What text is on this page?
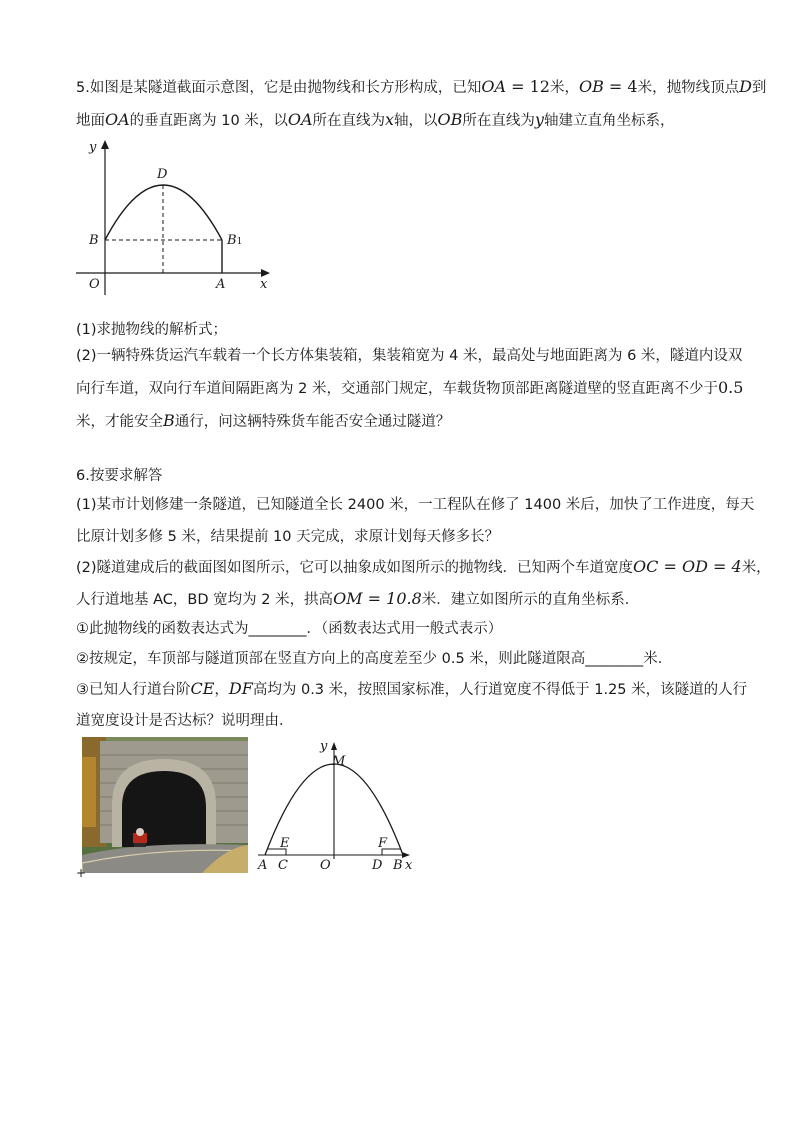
5.如图是某隧道截面示意图，它是由抛物线和长方形构成，已知OA = 12米，OB = 4米，抛物线顶点D到
地面OA的垂直距离为 10 米，以OA所在直线为x轴，以OB所在直线为y轴建立直角坐标系，
y
D
B	B1
O	A	x
(1)求抛物线的解析式；
(2)一辆特殊货运汽车载着一个长方体集装箱，集装箱宽为 4 米，最高处与地面距离为 6 米，隧道内设双
向行车道，双向行车道间隔距离为 2 米，交通部门规定，车载货物顶部距离隧道壁的竖直距离不少于0.5
米，才能安全B通行，问这辆特殊货车能否安全通过隧道？
6.按要求解答
(1)某市计划修建一条隧道，已知隧道全长 2400 米，一工程队在修了 1400 米后，加快了工作进度，每天
比原计划多修 5 米，结果提前 10 天完成，求原计划每天修多长？
(2)隧道建成后的截面图如图所示，它可以抽象成如图所示的抛物线．已知两个车道宽度OC = OD = 4米，
人行道地基 AC，BD 宽均为 2 米，拱高OM = 10.8米．建立如图所示的直角坐标系．
①此抛物线的函数表达式为________．（函数表达式用一般式表示）
②按规定，车顶部与隧道顶部在竖直方向上的高度差至少 0.5 米，则此隧道限高________米．
③已知人行道台阶CE，DF高均为 0.3 米，按照国家标准，人行道宽度不得低于 1.25 米，该隧道的人行
道宽度设计是否达标？说明理由．
y
M
E	F
A C O	D B x
+
